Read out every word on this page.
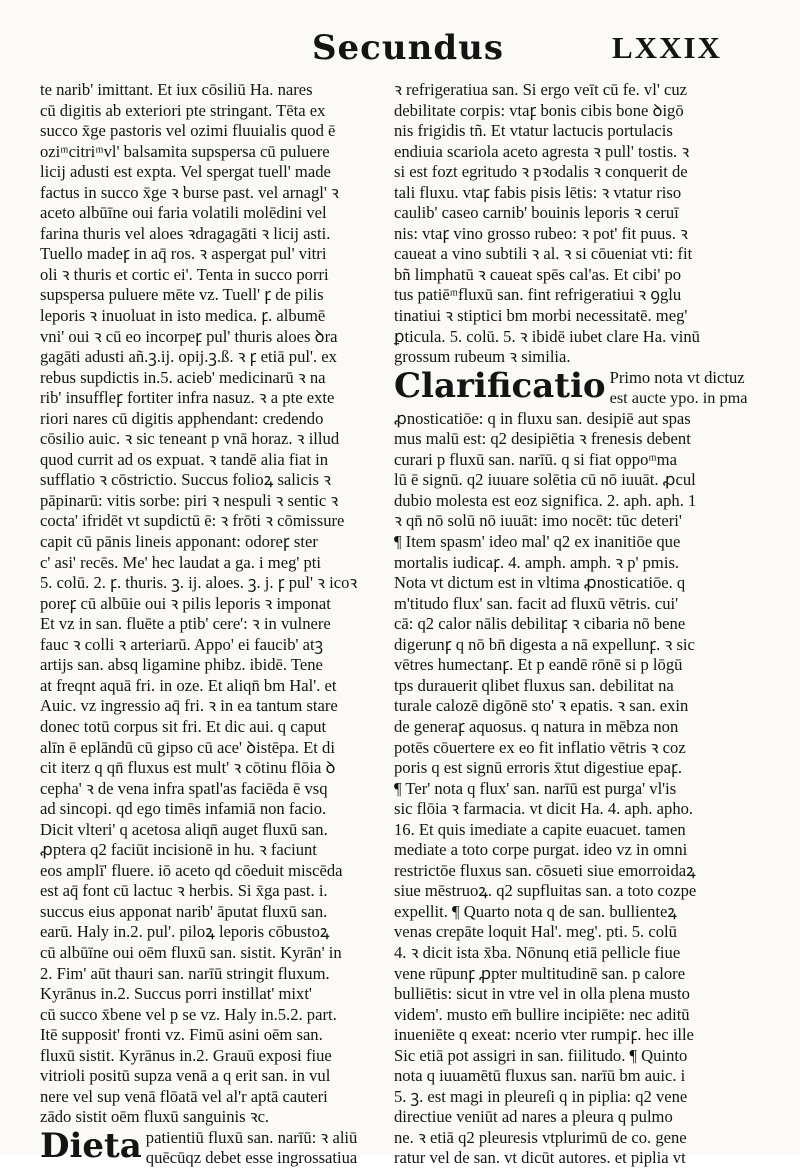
Secundus	LXXIX
te narib' imittant. Et iux cōsiliū Ha. nares
cū digitis ab exteriori pte stringant. Tēta ex
succo x̄ge pastoris vel ozimi fluuialis quod ē
ozi ͫ citri ͫ vl' balsamita supspersa cū puluere
licij adusti est expta. Vel spergat tuell' made
factus in succo x̄ge ꝛ burse past. vel arnagl' ꝛ
aceto albūīne oui faria volatili molēdini vel
farina thuris vel aloes ꝛdragagāti ꝛ licij asti.
Tuello madeꝼ in aq̄ ros. ꝛ aspergat pul' vitri
oli ꝛ thuris et cortic ei'. Tenta in succo porri
supspersa puluere mēte vz. Tuell' ꝼ de pilis
leporis ꝛ inuoluat in isto medica. ꝼ. albumē
vni' oui ꝛ cū eo incorpeꝼ pul' thuris aloes ꝺra
gagāti adusti añ.ꝫ.ij. opij.ꝫ.ß. ꝛ ꝼ etiā pul'. ex
rebus supdictis in.5. acieb' medicinarū ꝛ na
rib' insuffleꝼ fortiter infra nasuz. ꝛ a pte exte
riori nares cū digitis apphendant: credendo
cōsilio auic. ꝛ sic teneant p vnā horaz. ꝛ illud
quod currit ad os expuat. ꝛ tandē alia fiat in
sufflatio ꝛ cōstrictio. Succus folioꝝ salicis ꝛ
pāpinarū: vitis sorbe: piri ꝛ nespuli ꝛ sentic ꝛ
cocta' ifridēt vt supdictū ē: ꝛ frōti ꝛ cōmissure
capit cū pānis lineis apponant: odoreꝼ ster
c' asi' recēs. Me' hec laudat a ga. i meg' pti
5. colū. 2. ꝼ. thuris. ꝫ. ij. aloes. ꝫ. j. ꝼ pul' ꝛ icoꝛ
poreꝼ cū albūie oui ꝛ pilis leporis ꝛ imponat
Et vz in san. fluēte a ptib' cere': ꝛ in vulnere
fauc ꝛ colli ꝛ arteriarū. Appo' ei faucib' atꝫ
artijs san. absq ligamine phibz. ibidē. Tene
at freqnt aquā fri. in oze. Et aliqn̄ bm Hal'. et
Auic. vz ingressio aq̄ fri. ꝛ in ea tantum stare
donec totū corpus sit fri. Et dic aui. q caput
alīn ē eplāndū cū gipso cū ace' ꝺistēpa. Et di
cit iterz q qn̄ fluxus est mult' ꝛ cōtinu flōia ꝺ
cepha' ꝛ de vena infra spatl'as faciēda ē vsq
ad sincopi. qd ego timēs infamiā non facio.
Dicit vlteri' q acetosa aliqn̄ auget fluxū san.
ꝓptera q2 faciūt incisionē in hu. ꝛ faciunt
eos amplī' fluere. iō aceto qd cōeduit miscēda
est aq̄ font cū lactuc ꝛ herbis. Si x̄ga past. i.
succus eius apponat narib' āputat fluxū san.
earū. Haly in.2. pul'. piloꝝ leporis cōbustoꝝ
cū albūīne oui oēm fluxū san. sistit. Kyrān' in
2. Fim' aūt thauri san. narīū stringit fluxum.
Kyrānus in.2. Succus porri instillat' mixt'
cū succo x̄bene vel p se vz. Haly in.5.2. part.
Itē supposit' fronti vz. Fimū asini oēm san.
fluxū sistit. Kyrānus in.2. Grauū exposi fiue
vitrioli positū supza venā a q erit san. in vul
nere vel sup venā flōatā vel al'r aptā cauteri
zādo sistit oēm fluxū sanguinis ꝛc.
Dieta patientiū fluxū san. narīū: ꝛ aliū
quēcūqz debet esse ingrossatiua
ꝛ refrigeratiua san. Si ergo veīt cū fe. vl' cuz
debilitate corpis: vtaꝼ bonis cibis bone ꝺigō
nis frigidis tñ. Et vtatur lactucis portulacis
endiuia scariola aceto agresta ꝛ pull' tostis. ꝛ
si est fozt egritudo ꝛ pꝛodalis ꝛ conquerit de
tali fluxu. vtaꝼ fabis pisis lētis: ꝛ vtatur riso
caulib' caseo carnib' bouinis leporis ꝛ ceruī
nis: vtaꝼ vino grosso rubeo: ꝛ pot' fit puus. ꝛ
caueat a vino subtili ꝛ al. ꝛ si cōueniat vti: fit
bñ limphatū ꝛ caueat spēs cal'as. Et cibi' po
tus patiē ͫ fluxū san. fint refrigeratiui ꝛ ꝯglu
tinatiui ꝛ stiptici bm morbi necessitatē. meg'
ꝑticula. 5. colū. 5. ꝛ ibidē iubet clare Ha. vinū
grossum rubeum ꝛ similia.
Clarificatio Primo nota vt dictuz
est aucte ypo. in pma
ꝓnosticatiōe: q in fluxu san. desipiē aut spas
mus malū est: q2 desipiētia ꝛ frenesis debent
curari p fluxū san. narīū. q si fiat oppo ͫ ma
lū ē signū. q2 iuuare solētia cū nō iuuāt. ꝓcul
dubio molesta est eoz significa. 2. aph. aph. 1
ꝛ qn̄ nō solū nō iuuāt: imo nocēt: tūc deteri'
¶ Item spasm' ideo mal' q2 ex inanitiōe que
mortalis iudicaꝼ. 4. amph. amph. ꝛ p' pmis.
Nota vt dictum est in vltima ꝓnosticatiōe. q
m'titudo flux' san. facit ad fluxū vētris. cui'
cā: q2 calor nālis debilitaꝼ ꝛ cibaria nō bene
digerunꝼ q nō bn̄ digesta a nā expellunꝼ. ꝛ sic
vētres humectanꝼ. Et p eandē rōnē si p lōgū
tps durauerit qlibet fluxus san. debilitat na
turale calozē digōnē sto' ꝛ epatis. ꝛ san. exin
de generaꝼ aquosus. q natura in mēbza non
potēs cōuertere ex eo fit inflatio vētris ꝛ coz
poris q est signū erroris x̄tut digestiue epaꝼ.
¶ Ter' nota q flux' san. narīū est purga' vl'is
sic flōia ꝛ farmacia. vt dicit Ha. 4. aph. apho.
16. Et quis imediate a capite euacuet. tamen
mediate a toto corpe purgat. ideo vz in omni
restrictōe fluxus san. cōsueti siue emorroidaꝝ
siue mēstruoꝝ. q2 supfluitas san. a toto cozpe
expellit. ¶ Quarto nota q de san. bullienteꝝ
venas crepāte loquit Hal'. meg'. pti. 5. colū
4. ꝛ dicit ista x̄ba. Nōnunq etiā pellicle fiue
vene rūpunꝼ ꝓpter multitudinē san. p calore
bulliētis: sicut in vtre vel in olla plena musto
videm'. musto em̄ bullire incipiēte: nec aditū
inueniēte q exeat: ncerio vter rumpiꝼ. hec ille
Sic etiā pot assigri in san. fiilitudo. ¶ Quinto
nota q iuuamētū fluxus san. narīū bm auic. i
5. ꝫ. est magi in pleureſi q in piplia: q2 vene
directiue veniūt ad nares a pleura q pulmo
ne. ꝛ etiā q2 pleuresis vtplurimū de co. gene
ratur vel de san. vt dicūt autores. et piplia vt
